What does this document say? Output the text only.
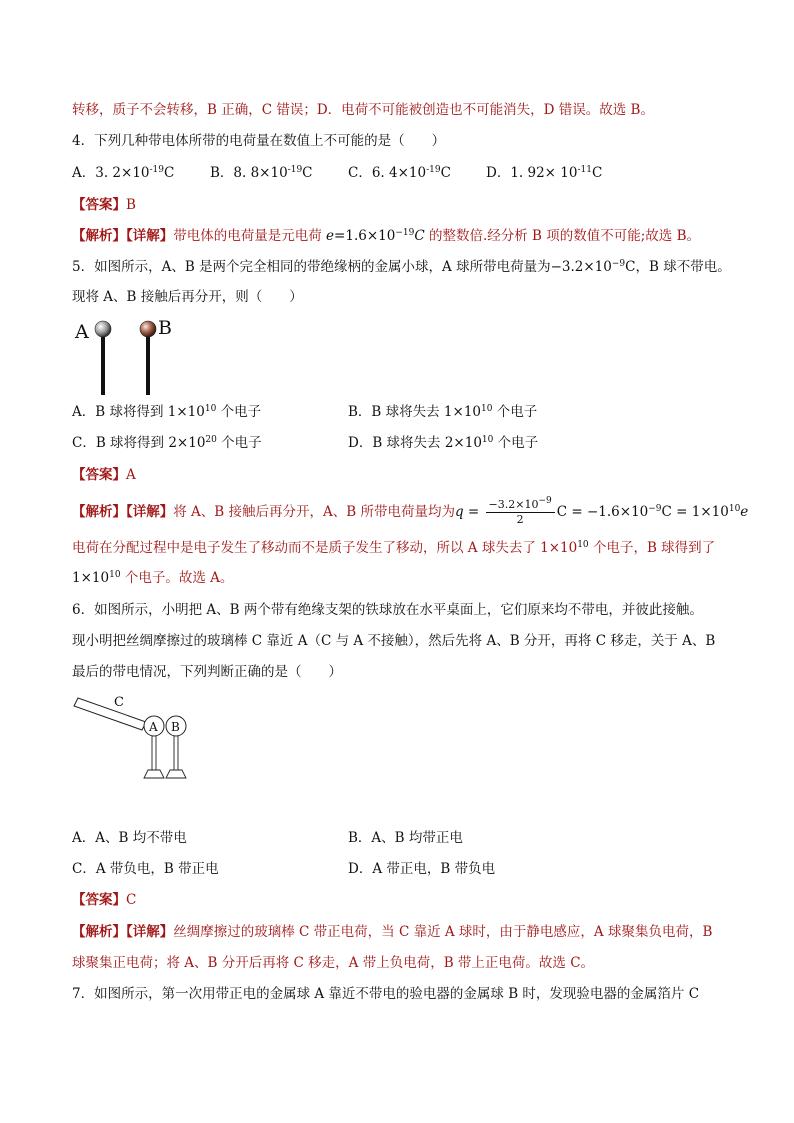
转移，质子不会转移，B 正确，C 错误；D．电荷不可能被创造也不可能消失，D 错误。故选 B。
4．下列几种带电体所带的电荷量在数值上不可能的是（　　）
A．3. $2\times 10^{-19}C$	B．8. $8\times 10^{-19}C$	C．6. $4\times 10^{-19}C$	D．1. $92\times 10^{-11}C$
【答案】B
【解析】【详解】带电体的电荷量是元电荷 $e=1.6\times 10^{-19}C$ 的整数倍.经分析 B 项的数值不可能;故选 B。
5．如图所示，A、B 是两个完全相同的带绝缘柄的金属小球，A 球所带电荷量为$-3.2\times 10^{-9}C$，B 球不带电。
现将 A、B 接触后再分开，则（　　）
A	B
A．B 球将得到 $1\times 10^{10}$ 个电子	B．B 球将失去 $1\times 10^{10}$ 个电子
C．B 球将得到 $2\times 10^{20}$ 个电子	D．B 球将失去 $2\times 10^{10}$ 个电子
【答案】A
【解析】【详解】将 A、B 接触后再分开，A、B 所带电荷量均为$q = \frac{-3.2\times 10^{-9}}{2}$ $C = -1.6\times 10^{-9}C = 1\times 10^{10}e$
电荷在分配过程中是电子发生了移动而不是质子发生了移动，所以 A 球失去了 $1\times 10^{10}$ 个电子，B 球得到了
$1\times 10^{10}$ 个电子。故选 A。
6．如图所示，小明把 A、B 两个带有绝缘支架的铁球放在水平桌面上，它们原来均不带电，并彼此接触。
现小明把丝绸摩擦过的玻璃棒 C 靠近 A（C 与 A 不接触），然后先将 A、B 分开，再将 C 移走，关于 A、B
最后的带电情况，下列判断正确的是（　　）
C
A B
A．A、B 均不带电	B．A、B 均带正电
C．A 带负电，B 带正电	D．A 带正电，B 带负电
【答案】C
【解析】【详解】丝绸摩擦过的玻璃棒 C 带正电荷，当 C 靠近 A 球时，由于静电感应，A 球聚集负电荷，B
球聚集正电荷；将 A、B 分开后再将 C 移走，A 带上负电荷，B 带上正电荷。故选 C。
7．如图所示，第一次用带正电的金属球 A 靠近不带电的验电器的金属球 B 时，发现验电器的金属箔片 C
